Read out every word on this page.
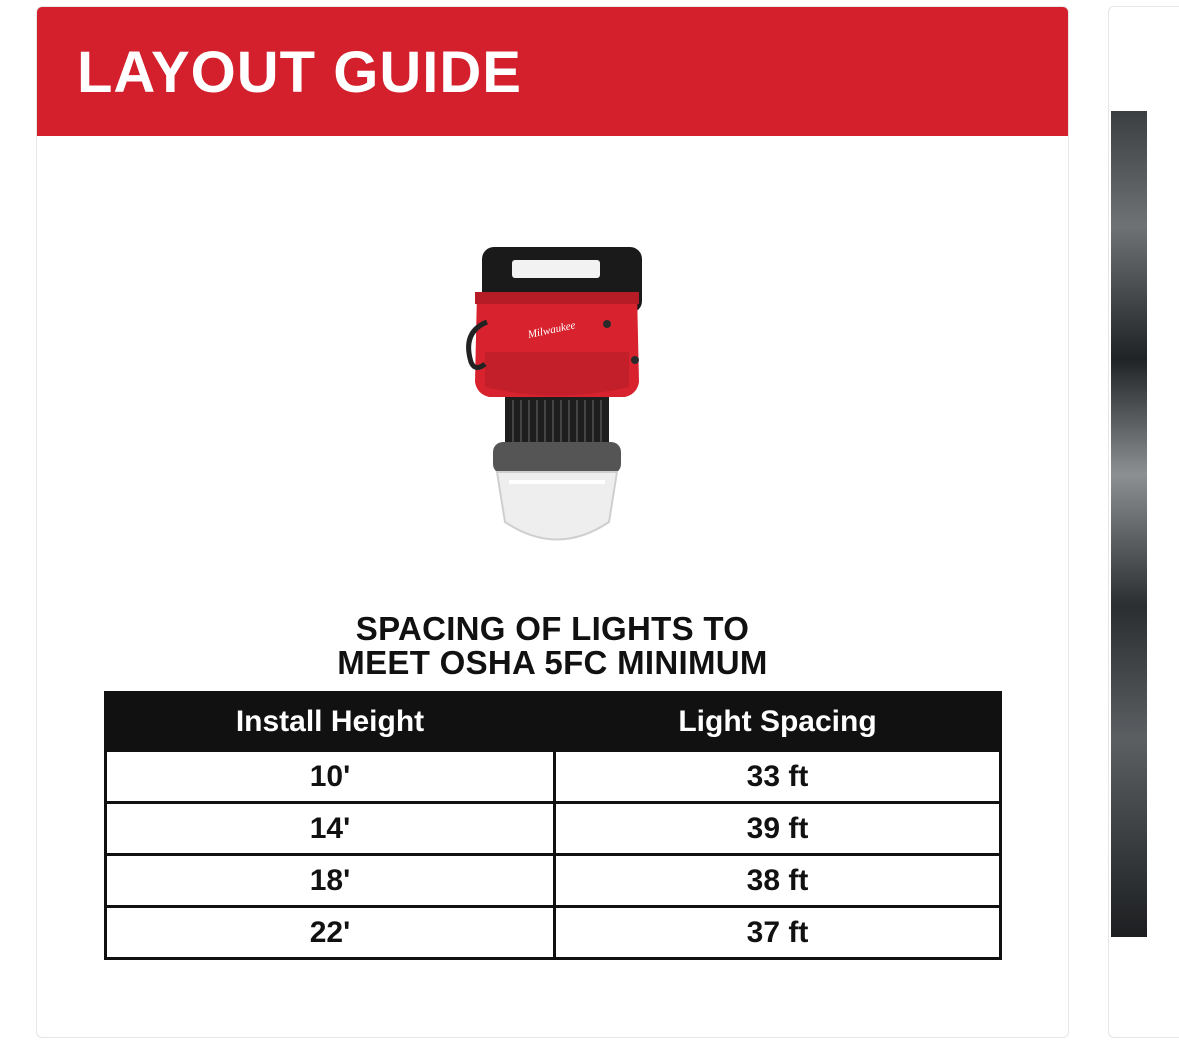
LAYOUT GUIDE
Milwaukee
SPACING OF LIGHTS TO
MEET OSHA 5FC MINIMUM
Install Height	Light Spacing
10'	33 ft
14'	39 ft
18'	38 ft
22'	37 ft
